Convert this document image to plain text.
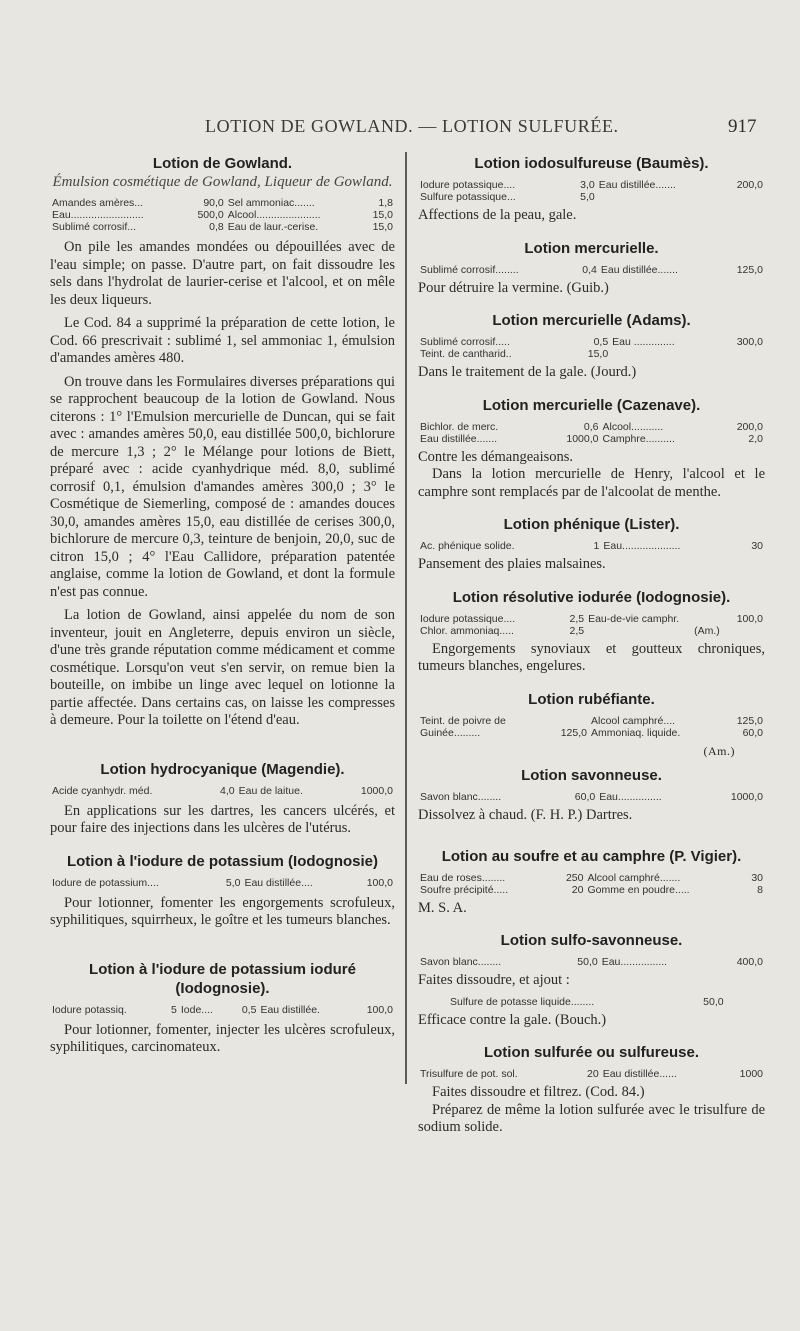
LOTION DE GOWLAND. — LOTION SULFURÉE.	917
Lotion de Gowland.
Émulsion cosmétique de Gowland, Liqueur de Gowland.
Amandes amères...	90,0	Sel ammoniac.......	1,8
Eau.........................	500,0	Alcool......................	15,0
Sublimé corrosif...	0,8	Eau de laur.-cerise.	15,0

On pile les amandes mondées ou dépouillées avec de l'eau simple; on passe. D'autre part, on fait dissoudre les sels dans l'hydrolat de laurier-cerise et l'alcool, et on mêle les deux liqueurs.

Le Cod. 84 a supprimé la préparation de cette lotion, le Cod. 66 prescrivait : sublimé 1, sel ammoniac 1, émulsion d'amandes amères 480.

On trouve dans les Formulaires diverses préparations qui se rapprochent beaucoup de la lotion de Gowland. Nous citerons : 1° l'Emulsion mercurielle de Duncan, qui se fait avec : amandes amères 50,0, eau distillée 500,0, bichlorure de mercure 1,3 ; 2° le Mélange pour lotions de Biett, préparé avec : acide cyanhydrique méd. 8,0, sublimé corrosif 0,1, émulsion d'amandes amères 300,0 ; 3° le Cosmétique de Siemerling, composé de : amandes douces 30,0, amandes amères 15,0, eau distillée de cerises 300,0, bichlorure de mercure 0,3, teinture de benjoin, 20,0, suc de citron 15,0 ; 4° l'Eau Callidore, préparation patentée anglaise, comme la lotion de Gowland, et dont la formule n'est pas connue.

La lotion de Gowland, ainsi appelée du nom de son inventeur, jouit en Angleterre, depuis environ un siècle, d'une très grande réputation comme médicament et comme cosmétique. Lorsqu'on veut s'en servir, on remue bien la bouteille, on imbibe un linge avec lequel on lotionne la partie affectée. Dans certains cas, on laisse les compresses à demeure. Pour la toilette on l'étend d'eau.

Lotion hydrocyanique (Magendie).
Acide cyanhydr. méd.	4,0	Eau de laitue.	1000,0

En applications sur les dartres, les cancers ulcérés, et pour faire des injections dans les ulcères de l'utérus.

Lotion à l'iodure de potassium (Iodognosie)
Iodure de potassium....	5,0	Eau distillée....	100,0

Pour lotionner, fomenter les engorgements scrofuleux, syphilitiques, squirrheux, le goître et les tumeurs blanches.

Lotion à l'iodure de potassium ioduré (Iodognosie).
Iodure potassiq.	5	Iode....	0,5	Eau distillée.	100,0

Pour lotionner, fomenter, injecter les ulcères scrofuleux, syphilitiques, carcinomateux.

Lotion iodosulfureuse (Baumès).
Iodure potassique....	3,0	Eau distillée.......	200,0
Sulfure potassique...	5,0		

Affections de la peau, gale.

Lotion mercurielle.
Sublimé corrosif........	0,4	Eau distillée.......	125,0

Pour détruire la vermine. (Guib.)

Lotion mercurielle (Adams).
Sublimé corrosif.....	0,5	Eau ..............	300,0
Teint. de cantharid..	15,0		

Dans le traitement de la gale. (Jourd.)

Lotion mercurielle (Cazenave).
Bichlor. de merc.	0,6	Alcool...........	200,0
Eau distillée.......	1000,0	Camphre..........	2,0

Contre les démangeaisons.

Dans la lotion mercurielle de Henry, l'alcool et le camphre sont remplacés par de l'alcoolat de menthe.

Lotion phénique (Lister).
Ac. phénique solide.	1	Eau....................	30

Pansement des plaies malsaines.

Lotion résolutive iodurée (Iodognosie).
Iodure potassique....	2,5	Eau-de-vie camphr.	100,0
Chlor. ammoniaq.....	2,5	(Am.)	

Engorgements synoviaux et goutteux chroniques, tumeurs blanches, engelures.

Lotion rubéfiante.
Teint. de poivre de		Alcool camphré....	125,0
Guinée.........	125,0	Ammoniaq. liquide.	60,0
(Am.)
Lotion savonneuse.
Savon blanc........	60,0	Eau...............	1000,0

Dissolvez à chaud. (F. H. P.) Dartres.

Lotion au soufre et au camphre (P. Vigier).
Eau de roses........	250	Alcool camphré.......	30
Soufre précipité.....	20	Gomme en poudre.....	8

M. S. A.

Lotion sulfo-savonneuse.
Savon blanc........	50,0	Eau................	400,0

Faites dissoudre, et ajout :

Sulfure de potasse liquide........	50,0

Efficace contre la gale. (Bouch.)

Lotion sulfurée ou sulfureuse.
Trisulfure de pot. sol.	20	Eau distillée......	1000

Faites dissoudre et filtrez. (Cod. 84.)

Préparez de même la lotion sulfurée avec le trisulfure de sodium solide.
